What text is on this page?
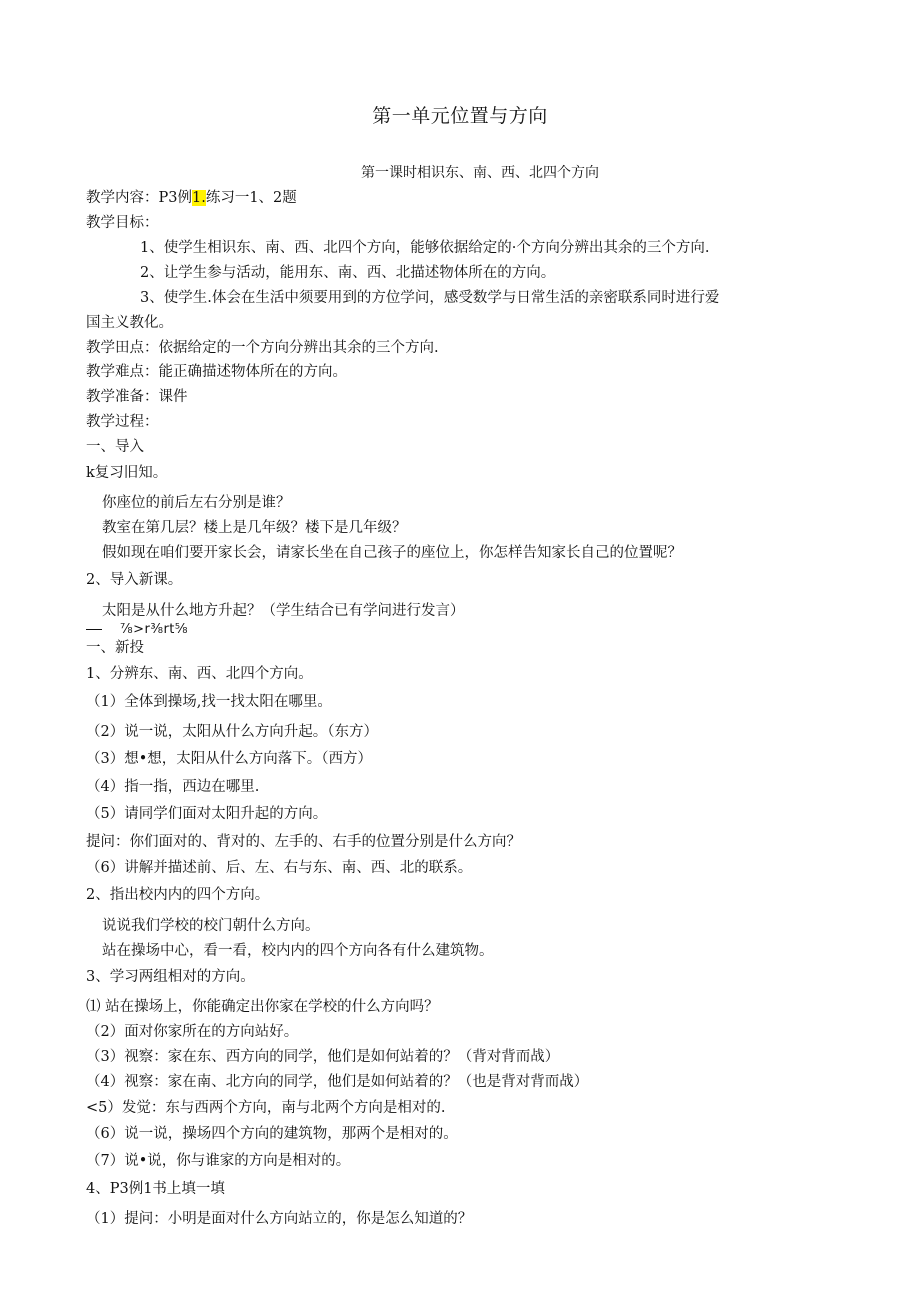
第一单元位置与方向
第一课时相识东、南、西、北四个方向
教学内容：P3例1.练习一1、2题
教学目标：
1、使学生相识东、南、西、北四个方向，能够依据给定的·个方向分辨出其余的三个方向.
2、让学生参与活动，能用东、南、西、北描述物体所在的方向。
3、使学生.体会在生活中须要用到的方位学问，感受数学与日常生活的亲密联系同时进行爱
国主义教化。
教学田点：依据给定的一个方向分辨出其余的三个方向.
教学难点：能正确描述物体所在的方向。
教学准备：课件
教学过程：
一、导入
k复习旧知。
你座位的前后左右分别是谁？
教室在第几层？楼上是几年级？楼下是几年级？
假如现在咱们要开家长会，请家长坐在自己孩子的座位上，你怎样告知家长自己的位置呢？
2、导入新课。
太阳是从什么地方升起？（学生结合已有学问进行发言）
⅞>r⅜rt⅝
一、新投
1、分辨东、南、西、北四个方向。
（1）全体到操场,找一找太阳在哪里。
（2）说一说，太阳从什么方向升起。（东方）
（3）想•想，太阳从什么方向落下。（西方）
（4）指一指，西边在哪里.
（5）请同学们面对太阳升起的方向。
提问：你们面对的、背对的、左手的、右手的位置分别是什么方向？
（6）讲解并描述前、后、左、右与东、南、西、北的联系。
2、指出校内内的四个方向。
说说我们学校的校门朝什么方向。
站在操场中心，看一看，校内内的四个方向各有什么建筑物。
3、学习两组相对的方向。
⑴ 站在操场上，你能确定出你家在学校的什么方向吗？
（2）面对你家所在的方向站好。
（3）视察：家在东、西方向的同学，他们是如何站着的？（背对背而战）
（4）视察：家在南、北方向的同学，他们是如何站着的？（也是背对背而战）
<5）发觉：东与西两个方向，南与北两个方向是相对的.
（6）说一说，操场四个方向的建筑物，那两个是相对的。
（7）说•说，你与谁家的方向是相对的。
4、P3例1书上填一填
（1）提问：小明是面对什么方向站立的，你是怎么知道的？
